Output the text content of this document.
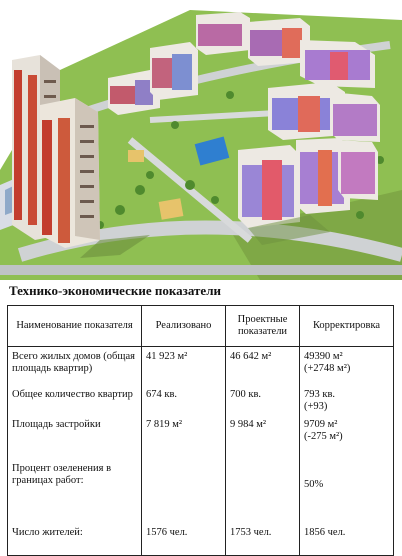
Технико-экономические показатели
Наименование показателя	Реализовано	Проектные показатели	Корректировка
Всего жилых домов (общая площадь квартир)	41 923 м²	46 642 м²	49390 м²
(+2748 м²)

Общее количество квартир	674 кв.	700 кв.	793 кв.
(+93)

Площадь застройки	7 819 м²	9 984 м²	9709 м²
(-275 м²)

Процент озеленения в границах работ:			50%

Число жителей:	1576 чел.	1753 чел.	1856 чел.
